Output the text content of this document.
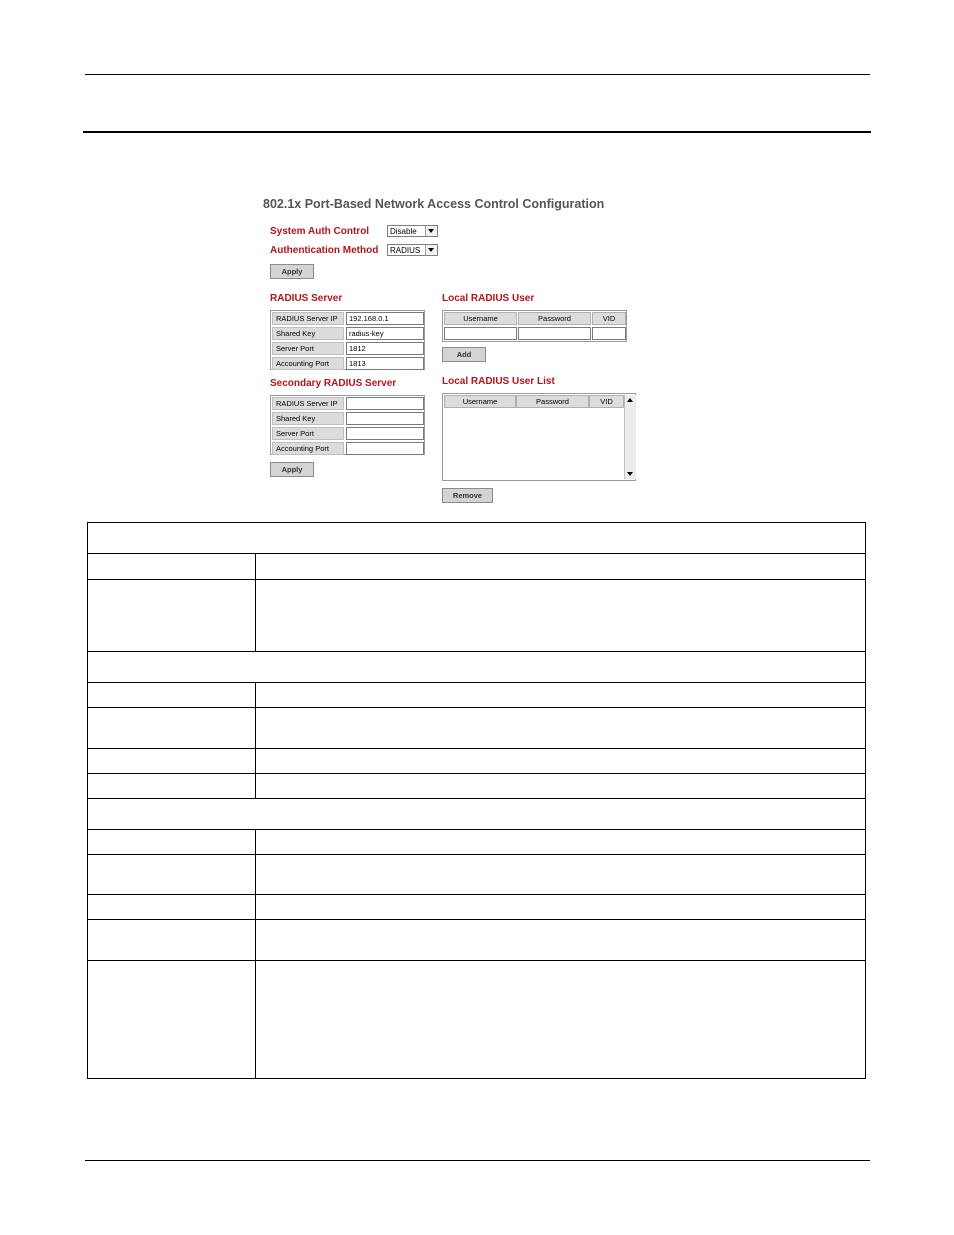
802.1x Port-Based Network Access Control Configuration
System Auth Control	Disable
Authentication Method RADIUS
Apply
RADIUS Server
RADIUS Server IP	192.168.0.1
Shared Key	radius-key
Server Port	1812
Accounting Port	1813
Secondary RADIUS Server
RADIUS Server IP
Shared Key
Server Port
Accounting Port
Apply
Local RADIUS User
Username	Password	VID
Add
Local RADIUS User List
Username	Password	VID
Remove
